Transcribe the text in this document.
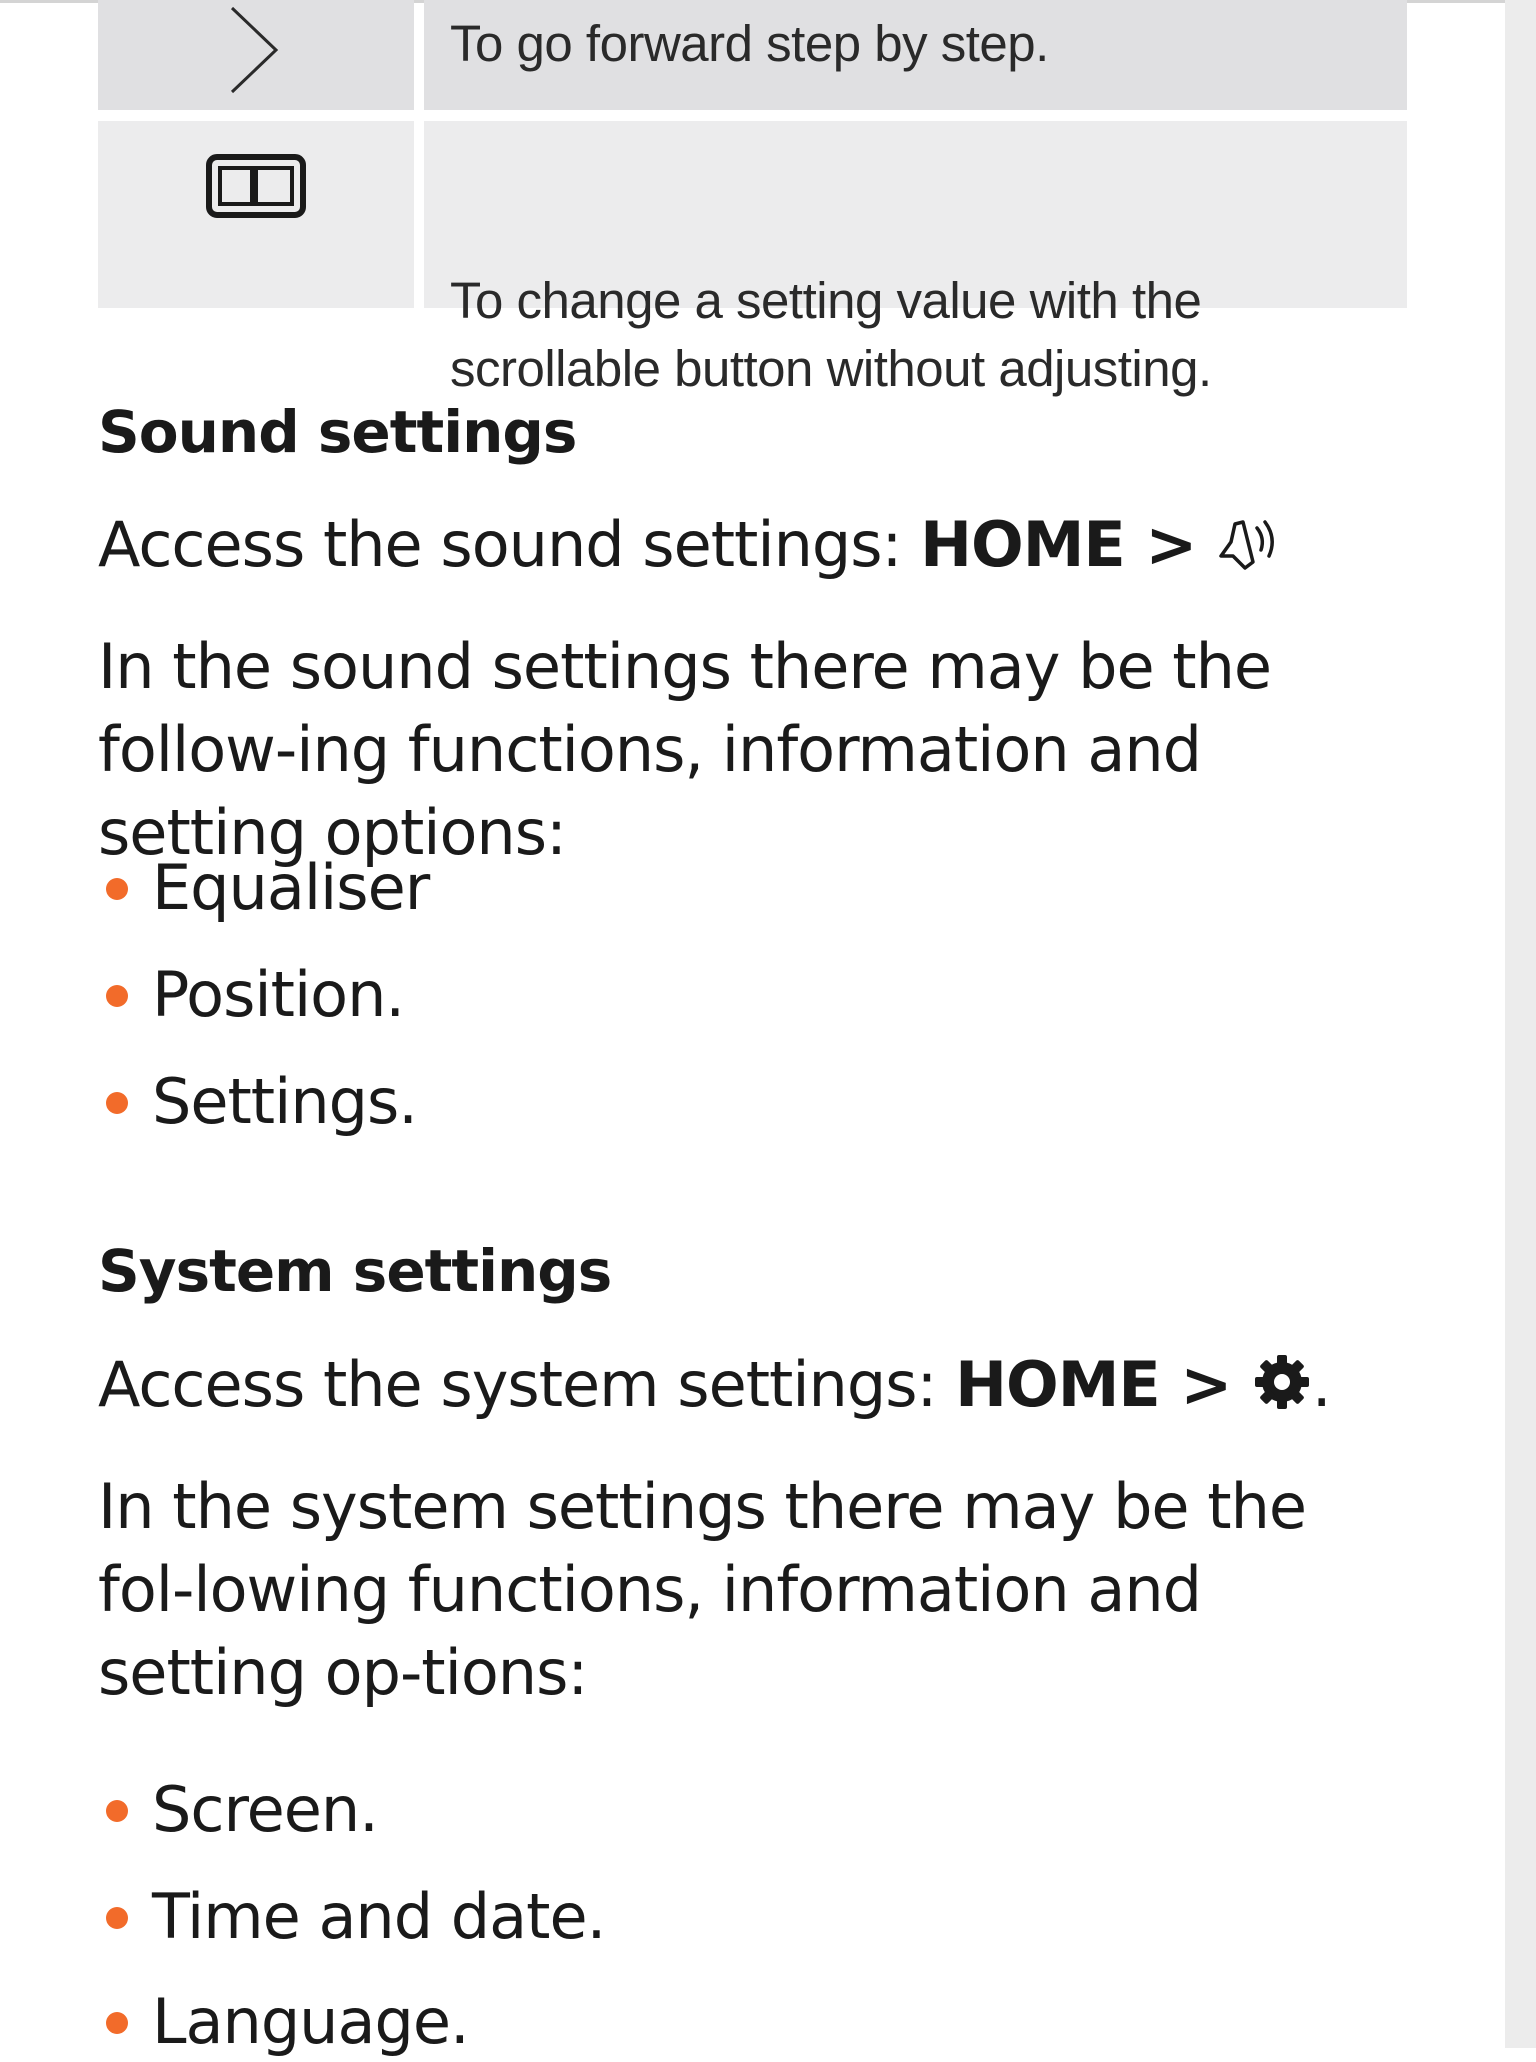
To go forward step by step.
To change a setting value with the scrollable button without adjusting.
Sound settings

Access the sound settings: HOME >

In the sound settings there may be the follow-ing functions, information and setting options:

Equaliser
Position.
Settings.
System settings

Access the system settings: HOME > .

In the system settings there may be the fol-lowing functions, information and setting op-tions:

Screen.
Time and date.
Language.
